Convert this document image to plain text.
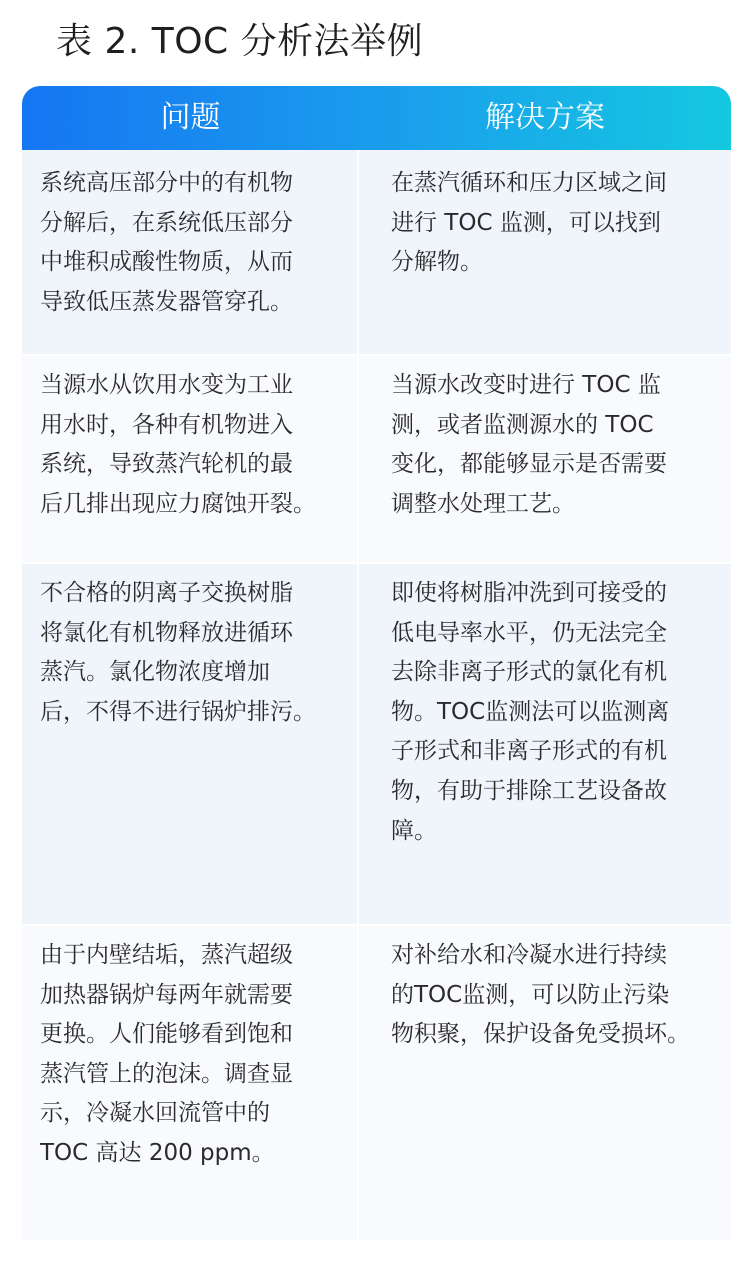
表 2. TOC 分析法举例
问题	解决方案
系统高压部分中的有机物
分解后，在系统低压部分
中堆积成酸性物质，从而
导致低压蒸发器管穿孔。
在蒸汽循环和压力区域之间
进行 TOC 监测，可以找到
分解物。
当源水从饮用水变为工业
用水时，各种有机物进入
系统，导致蒸汽轮机的最
后几排出现应力腐蚀开裂。
当源水改变时进行 TOC 监
测，或者监测源水的 TOC
变化，都能够显示是否需要
调整水处理工艺。
不合格的阴离子交换树脂
将氯化有机物释放进循环
蒸汽。氯化物浓度增加
后，不得不进行锅炉排污。
即使将树脂冲洗到可接受的
低电导率水平，仍无法完全
去除非离子形式的氯化有机
物。TOC监测法可以监测离
子形式和非离子形式的有机
物，有助于排除工艺设备故
障。
由于内壁结垢，蒸汽超级
加热器锅炉每两年就需要
更换。人们能够看到饱和
蒸汽管上的泡沫。调查显
示，冷凝水回流管中的
TOC 高达 200 ppm。
对补给水和冷凝水进行持续
的TOC监测，可以防止污染
物积聚，保护设备免受损坏。
